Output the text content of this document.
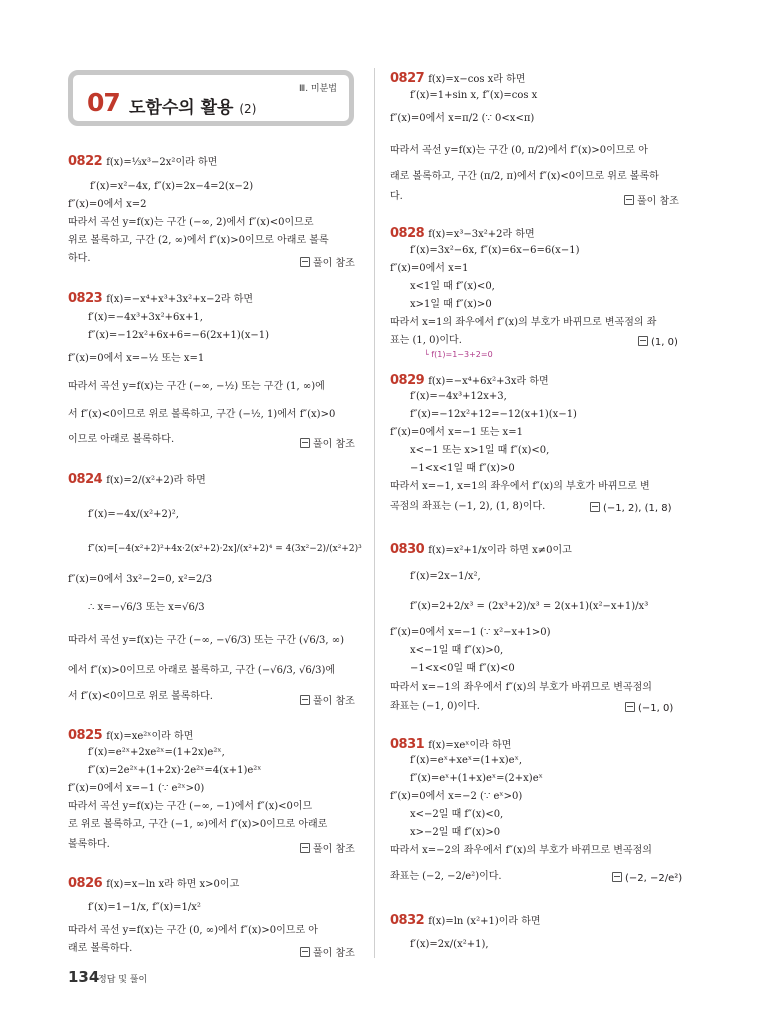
Ⅲ. 미분법
07 도함수의 활용 (2)
0822 f(x)=⅓x³−2x²이라 하면
f′(x)=x²−4x, f″(x)=2x−4=2(x−2)
f″(x)=0에서 x=2
따라서 곡선 y=f(x)는 구간 (−∞, 2)에서 f″(x)<0이므로
위로 볼록하고, 구간 (2, ∞)에서 f″(x)>0이므로 아래로 볼록
하다.	풀이 참조
0823 f(x)=−x⁴+x³+3x²+x−2라 하면
f′(x)=−4x³+3x²+6x+1,
f″(x)=−12x²+6x+6=−6(2x+1)(x−1)
f″(x)=0에서 x=−½ 또는 x=1
따라서 곡선 y=f(x)는 구간 (−∞, −½) 또는 구간 (1, ∞)에
서 f″(x)<0이므로 위로 볼록하고, 구간 (−½, 1)에서 f″(x)>0
이므로 아래로 볼록하다.	풀이 참조
0824 f(x)=2/(x²+2)라 하면
f′(x)=−4x/(x²+2)²,
f″(x)=[−4(x²+2)²+4x·2(x²+2)·2x]/(x²+2)⁴ = 4(3x²−2)/(x²+2)³
f″(x)=0에서 3x²−2=0, x²=2/3
∴ x=−√6/3 또는 x=√6/3
따라서 곡선 y=f(x)는 구간 (−∞, −√6/3) 또는 구간 (√6/3, ∞)
에서 f″(x)>0이므로 아래로 볼록하고, 구간 (−√6/3, √6/3)에
서 f″(x)<0이므로 위로 볼록하다.	풀이 참조
0825 f(x)=xe²ˣ이라 하면
f′(x)=e²ˣ+2xe²ˣ=(1+2x)e²ˣ,
f″(x)=2e²ˣ+(1+2x)·2e²ˣ=4(x+1)e²ˣ
f″(x)=0에서 x=−1 (∵ e²ˣ>0)
따라서 곡선 y=f(x)는 구간 (−∞, −1)에서 f″(x)<0이므
로 위로 볼록하고, 구간 (−1, ∞)에서 f″(x)>0이므로 아래로
볼록하다.	풀이 참조
0826 f(x)=x−ln x라 하면 x>0이고
f′(x)=1−1/x, f″(x)=1/x²
따라서 곡선 y=f(x)는 구간 (0, ∞)에서 f″(x)>0이므로 아
래로 볼록하다.	풀이 참조
0827 f(x)=x−cos x라 하면
f′(x)=1+sin x, f″(x)=cos x
f″(x)=0에서 x=π/2 (∵ 0<x<π)
따라서 곡선 y=f(x)는 구간 (0, π/2)에서 f″(x)>0이므로 아
래로 볼록하고, 구간 (π/2, π)에서 f″(x)<0이므로 위로 볼록하
다.	풀이 참조
0828 f(x)=x³−3x²+2라 하면
f′(x)=3x²−6x, f″(x)=6x−6=6(x−1)
f″(x)=0에서 x=1
x<1일 때 f″(x)<0,
x>1일 때 f″(x)>0
따라서 x=1의 좌우에서 f″(x)의 부호가 바뀌므로 변곡점의 좌
표는 (1, 0)이다.
└ f(1)=1−3+2=0
(1, 0)
0829 f(x)=−x⁴+6x²+3x라 하면
f′(x)=−4x³+12x+3,
f″(x)=−12x²+12=−12(x+1)(x−1)
f″(x)=0에서 x=−1 또는 x=1
x<−1 또는 x>1일 때 f″(x)<0,
−1<x<1일 때 f″(x)>0
따라서 x=−1, x=1의 좌우에서 f″(x)의 부호가 바뀌므로 변
곡점의 좌표는 (−1, 2), (1, 8)이다.	(−1, 2), (1, 8)
0830 f(x)=x²+1/x이라 하면 x≠0이고
f′(x)=2x−1/x²,
f″(x)=2+2/x³ = (2x³+2)/x³ = 2(x+1)(x²−x+1)/x³
f″(x)=0에서 x=−1 (∵ x²−x+1>0)
x<−1일 때 f″(x)>0,
−1<x<0일 때 f″(x)<0
따라서 x=−1의 좌우에서 f″(x)의 부호가 바뀌므로 변곡점의
좌표는 (−1, 0)이다.	(−1, 0)
0831 f(x)=xeˣ이라 하면
f′(x)=eˣ+xeˣ=(1+x)eˣ,
f″(x)=eˣ+(1+x)eˣ=(2+x)eˣ
f″(x)=0에서 x=−2 (∵ eˣ>0)
x<−2일 때 f″(x)<0,
x>−2일 때 f″(x)>0
따라서 x=−2의 좌우에서 f″(x)의 부호가 바뀌므로 변곡점의
좌표는 (−2, −2/e²)이다.	(−2, −2/e²)
0832 f(x)=ln (x²+1)이라 하면
f′(x)=2x/(x²+1),
134
정답 및 풀이
